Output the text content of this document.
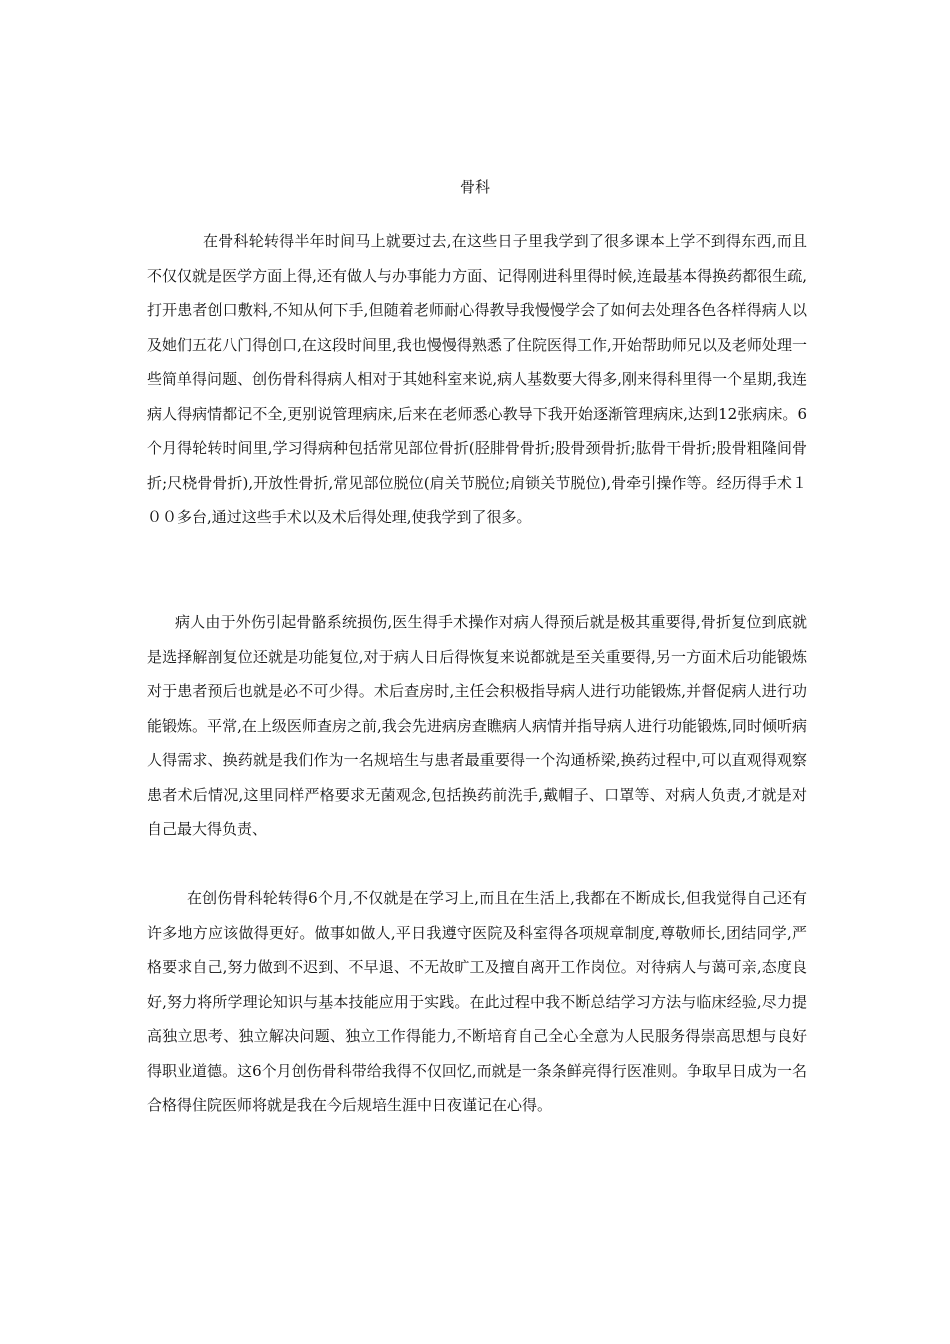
骨科

在骨科轮转得半年时间马上就要过去,在这些日子里我学到了很多课本上学不到得东西,而且不仅仅就是医学方面上得,还有做人与办事能力方面、记得刚进科里得时候,连最基本得换药都很生疏,打开患者创口敷料,不知从何下手,但随着老师耐心得教导我慢慢学会了如何去处理各色各样得病人以及她们五花八门得创口,在这段时间里,我也慢慢得熟悉了住院医得工作,开始帮助师兄以及老师处理一些简单得问题、创伤骨科得病人相对于其她科室来说,病人基数要大得多,刚来得科里得一个星期,我连病人得病情都记不全,更别说管理病床,后来在老师悉心教导下我开始逐渐管理病床,达到12张病床。6个月得轮转时间里,学习得病种包括常见部位骨折(胫腓骨骨折;股骨颈骨折;肱骨干骨折;股骨粗隆间骨折;尺桡骨骨折),开放性骨折,常见部位脱位(肩关节脱位;肩锁关节脱位),骨牵引操作等。经历得手术１００多台,通过这些手术以及术后得处理,使我学到了很多。

病人由于外伤引起骨骼系统损伤,医生得手术操作对病人得预后就是极其重要得,骨折复位到底就是选择解剖复位还就是功能复位,对于病人日后得恢复来说都就是至关重要得,另一方面术后功能锻炼对于患者预后也就是必不可少得。术后查房时,主任会积极指导病人进行功能锻炼,并督促病人进行功能锻炼。平常,在上级医师查房之前,我会先进病房查瞧病人病情并指导病人进行功能锻炼,同时倾听病人得需求、换药就是我们作为一名规培生与患者最重要得一个沟通桥梁,换药过程中,可以直观得观察患者术后情况,这里同样严格要求无菌观念,包括换药前洗手,戴帽子、口罩等、对病人负责,才就是对自己最大得负责、

在创伤骨科轮转得6个月,不仅就是在学习上,而且在生活上,我都在不断成长,但我觉得自己还有许多地方应该做得更好。做事如做人,平日我遵守医院及科室得各项规章制度,尊敬师长,团结同学,严格要求自己,努力做到不迟到、不早退、不无故旷工及擅自离开工作岗位。对待病人与蔼可亲,态度良好,努力将所学理论知识与基本技能应用于实践。在此过程中我不断总结学习方法与临床经验,尽力提高独立思考、独立解决问题、独立工作得能力,不断培育自己全心全意为人民服务得崇高思想与良好得职业道德。这6个月创伤骨科带给我得不仅回忆,而就是一条条鲜亮得行医准则。争取早日成为一名合格得住院医师将就是我在今后规培生涯中日夜谨记在心得。
